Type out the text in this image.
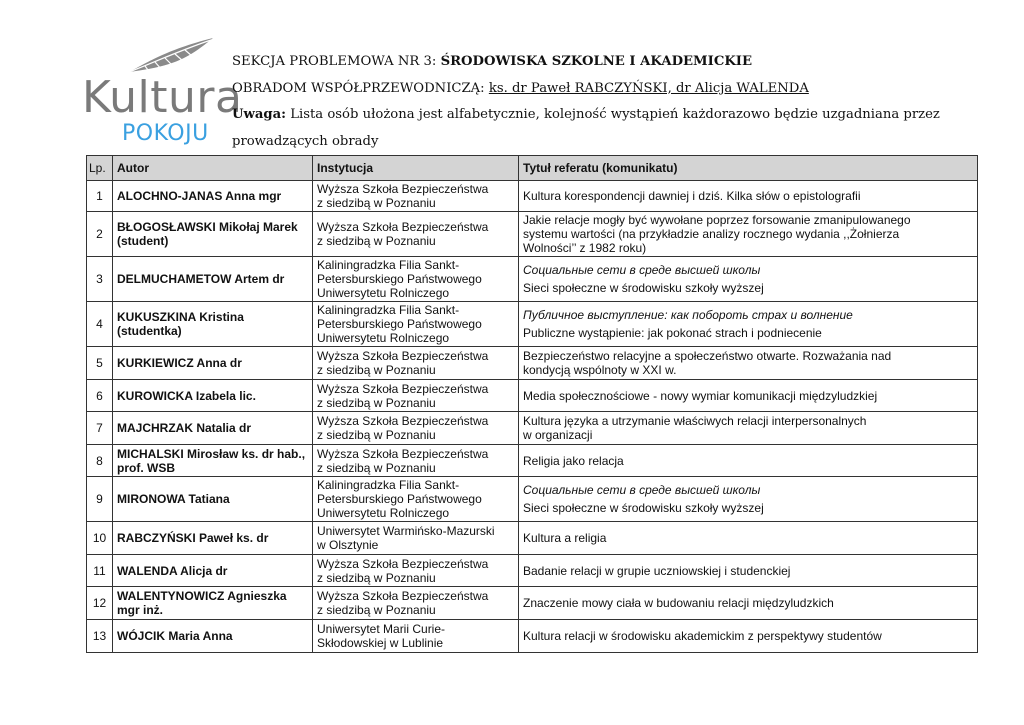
Kultura
POKOJU
SEKCJA PROBLEMOWA NR 3: ŚRODOWISKA SZKOLNE I AKADEMICKIE
OBRADOM WSPÓŁPRZEWODNICZĄ: ks. dr Paweł RABCZYŃSKI, dr Alicja WALENDA
Uwaga: Lista osób ułożona jest alfabetycznie, kolejność wystąpień każdorazowo będzie uzgadniana przez
prowadzących obrady
Lp.	Autor	Instytucja	Tytuł referatu (komunikatu)
1	ALOCHNO-JANAS Anna mgr	Wyższa Szkoła Bezpieczeństwa
z siedzibą w Poznaniu	Kultura korespondencji dawniej i dziś. Kilka słów o epistolografii
2	BŁOGOSŁAWSKI Mikołaj Marek
(student)	Wyższa Szkoła Bezpieczeństwa
z siedzibą w Poznaniu	Jakie relacje mogły być wywołane poprzez forsowanie zmanipulowanego
systemu wartości (na przykładzie analizy rocznego wydania ,,Żołnierza
Wolności’’ z 1982 roku)
3	DELMUCHAMETOW Artem dr	Kaliningradzka Filia Sankt-
Petersburskiego Państwowego
Uniwersytetu Rolniczego	Социальные сети в среде высшей школы
Sieci społeczne w środowisku szkoły wyższej
4	KUKUSZKINA Kristina
(studentka)	Kaliningradzka Filia Sankt-
Petersburskiego Państwowego
Uniwersytetu Rolniczego	Публичное выступление: как побороть страх и волнение
Publiczne wystąpienie: jak pokonać strach i podniecenie
5	KURKIEWICZ Anna dr	Wyższa Szkoła Bezpieczeństwa
z siedzibą w Poznaniu	Bezpieczeństwo relacyjne a społeczeństwo otwarte. Rozważania nad
kondycją wspólnoty w XXI w.
6	KUROWICKA Izabela lic.	Wyższa Szkoła Bezpieczeństwa
z siedzibą w Poznaniu	Media społecznościowe - nowy wymiar komunikacji międzyludzkiej
7	MAJCHRZAK Natalia dr	Wyższa Szkoła Bezpieczeństwa
z siedzibą w Poznaniu	Kultura języka a utrzymanie właściwych relacji interpersonalnych
w organizacji
8	MICHALSKI Mirosław ks. dr hab.,
prof. WSB	Wyższa Szkoła Bezpieczeństwa
z siedzibą w Poznaniu	Religia jako relacja
9	MIRONOWA Tatiana	Kaliningradzka Filia Sankt-
Petersburskiego Państwowego
Uniwersytetu Rolniczego	Социальные сети в среде высшей школы
Sieci społeczne w środowisku szkoły wyższej
10	RABCZYŃSKI Paweł ks. dr	Uniwersytet Warmińsko-Mazurski
w Olsztynie	Kultura a religia
11	WALENDA Alicja dr	Wyższa Szkoła Bezpieczeństwa
z siedzibą w Poznaniu	Badanie relacji w grupie uczniowskiej i studenckiej
12	WALENTYNOWICZ Agnieszka
mgr inż.	Wyższa Szkoła Bezpieczeństwa
z siedzibą w Poznaniu	Znaczenie mowy ciała w budowaniu relacji międzyludzkich
13	WÓJCIK Maria Anna	Uniwersytet Marii Curie-
Skłodowskiej w Lublinie	Kultura relacji w środowisku akademickim z perspektywy studentów
